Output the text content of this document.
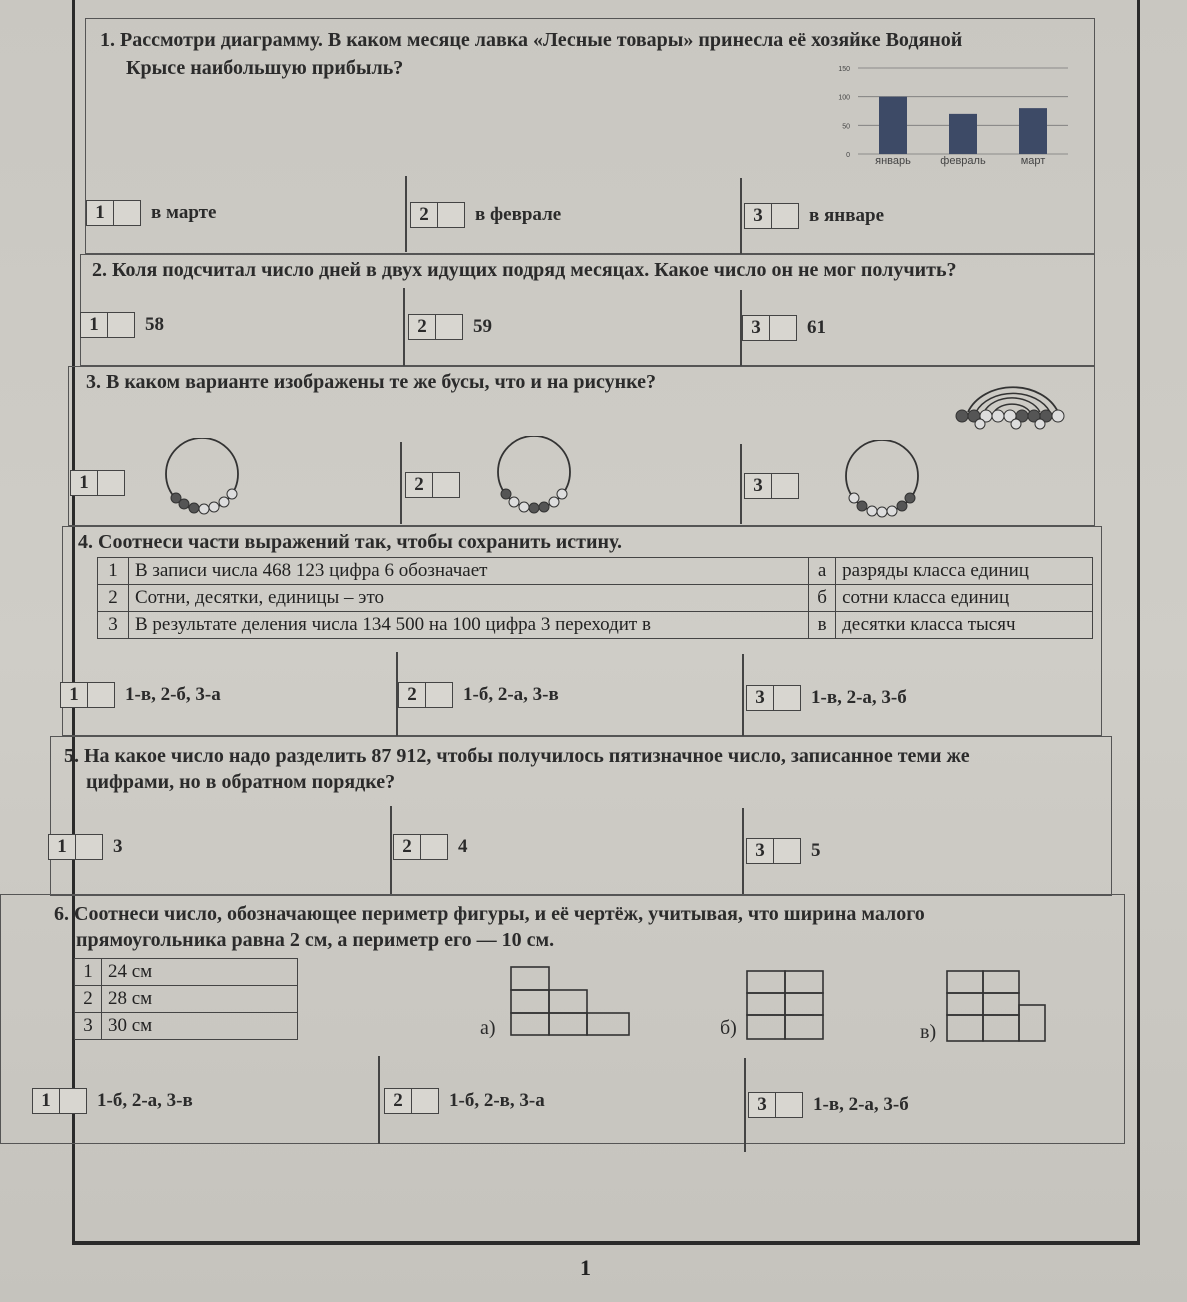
1. Рассмотри диаграмму. В каком месяце лавка «Лесные товары» принесла её хозяйке Водяной
Крысе наибольшую прибыль?
0
50
100
150
январь	февраль	март
1	в марте	2	в феврале	3	в январе
2. Коля подсчитал число дней в двух идущих подряд месяцах. Какое число он не мог получить?
1	58	2	59	3	61
3. В каком варианте изображены те же бусы, что и на рисунке?
1	2	3
4. Соотнеси части выражений так, чтобы сохранить истину.
1	В записи числа 468 123 цифра 6 обозначает	а	разряды класса единиц
2	Сотни, десятки, единицы – это	б	сотни класса единиц
3	В результате деления числа 134 500 на 100 цифра 3 переходит в	в	десятки класса тысяч
1	1-в, 2-б, 3-а	2	1-б, 2-а, 3-в	3	1-в, 2-а, 3-б
5. На какое число надо разделить 87 912, чтобы получилось пятизначное число, записанное теми же
цифрами, но в обратном порядке?
1	3	2	4	3	5
6. Соотнеси число, обозначающее периметр фигуры, и её чертёж, учитывая, что ширина малого
прямоугольника равна 2 см, а периметр его — 10 см.
1	24 см
2	28 см
3	30 см	а)	б)	в)
1	1-б, 2-а, 3-в	2	1-б, 2-в, 3-а	3	1-в, 2-а, 3-б
1
